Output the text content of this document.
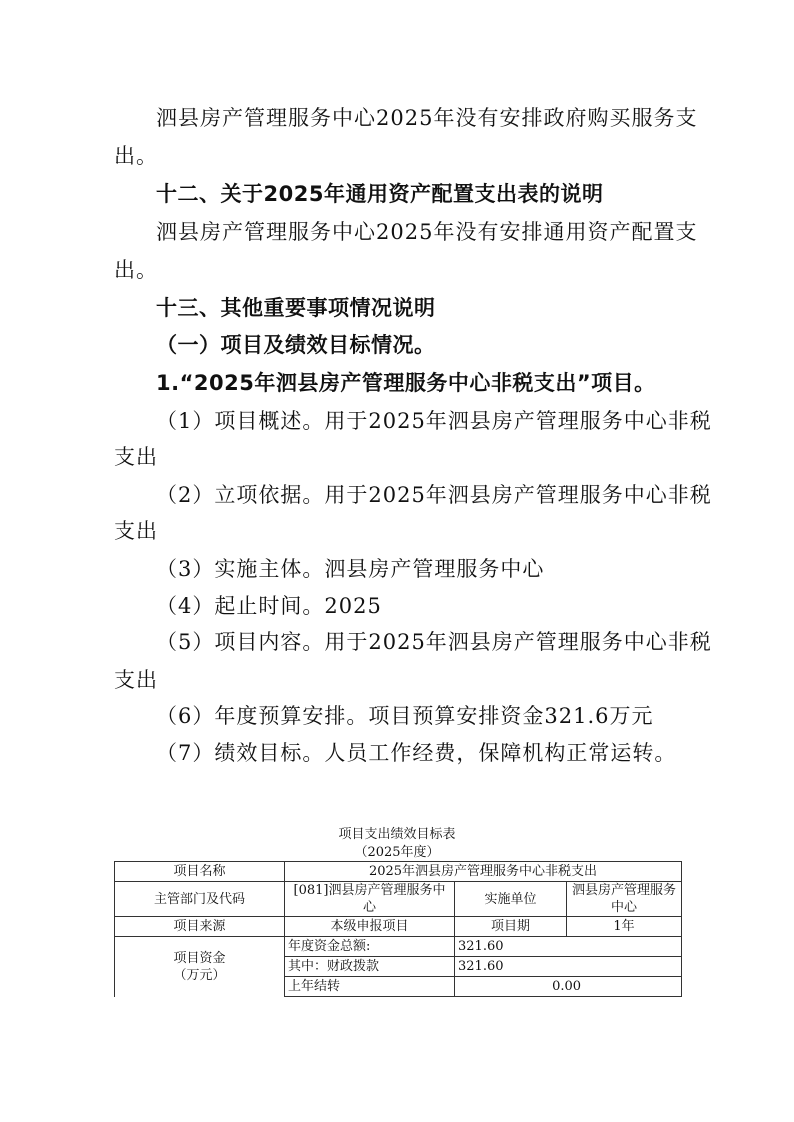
泗县房产管理服务中心2025年没有安排政府购买服务支
出。
十二、关于2025年通用资产配置支出表的说明
泗县房产管理服务中心2025年没有安排通用资产配置支
出。
十三、其他重要事项情况说明
（一）项目及绩效目标情况。
1.“2025年泗县房产管理服务中心非税支出”项目。
（1）项目概述。用于2025年泗县房产管理服务中心非税
支出
（2）立项依据。用于2025年泗县房产管理服务中心非税
支出
（3）实施主体。泗县房产管理服务中心
（4）起止时间。2025
（5）项目内容。用于2025年泗县房产管理服务中心非税
支出
（6）年度预算安排。项目预算安排资金321.6万元
（7）绩效目标。人员工作经费，保障机构正常运转。
项目支出绩效目标表
（2025年度）
项目名称	2025年泗县房产管理服务中心非税支出		
主管部门及代码	[081]泗县房产管理服务中心	实施单位	泗县房产管理服务中心
项目来源	本级申报项目	项目期	1年

项目资金
（万元）	年度资金总额:	321.60	
	其中：财政拨款	321.60	
	上年结转	0.00	
